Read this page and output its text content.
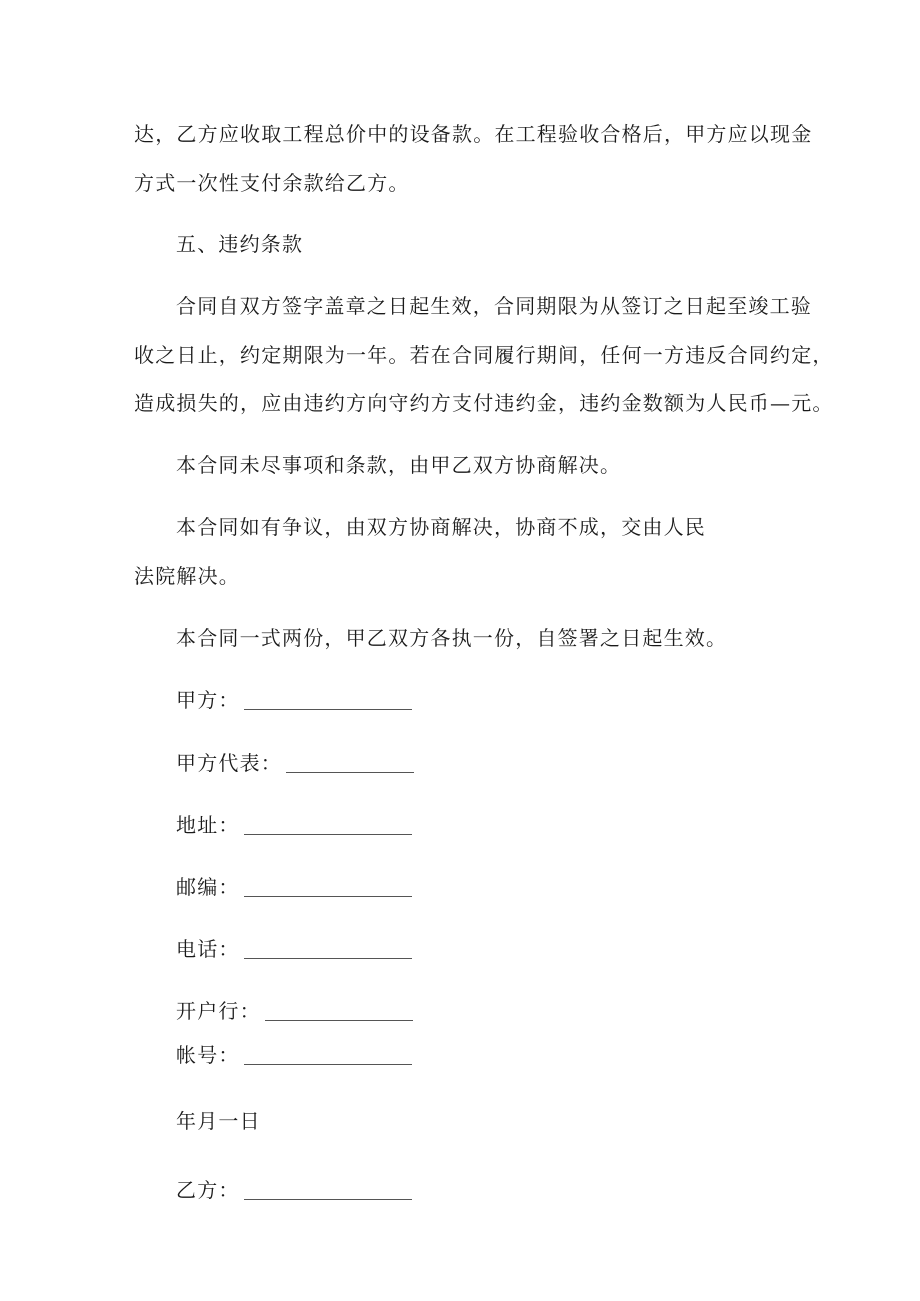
达，乙方应收取工程总价中的设备款。在工程验收合格后，甲方应以现金
方式一次性支付余款给乙方。
五、违约条款
合同自双方签字盖章之日起生效，合同期限为从签订之日起至竣工验
收之日止，约定期限为一年。若在合同履行期间，任何一方违反合同约定，
造成损失的，应由违约方向守约方支付违约金，违约金数额为人民币—元。
本合同未尽事项和条款，由甲乙双方协商解决。
本合同如有争议，由双方协商解决，协商不成，交由人民
法院解决。
本合同一式两份，甲乙双方各执一份，自签署之日起生效。
甲方：
甲方代表：
地址：
邮编：
电话：
开户行：
帐号：
年月一日
乙方：
